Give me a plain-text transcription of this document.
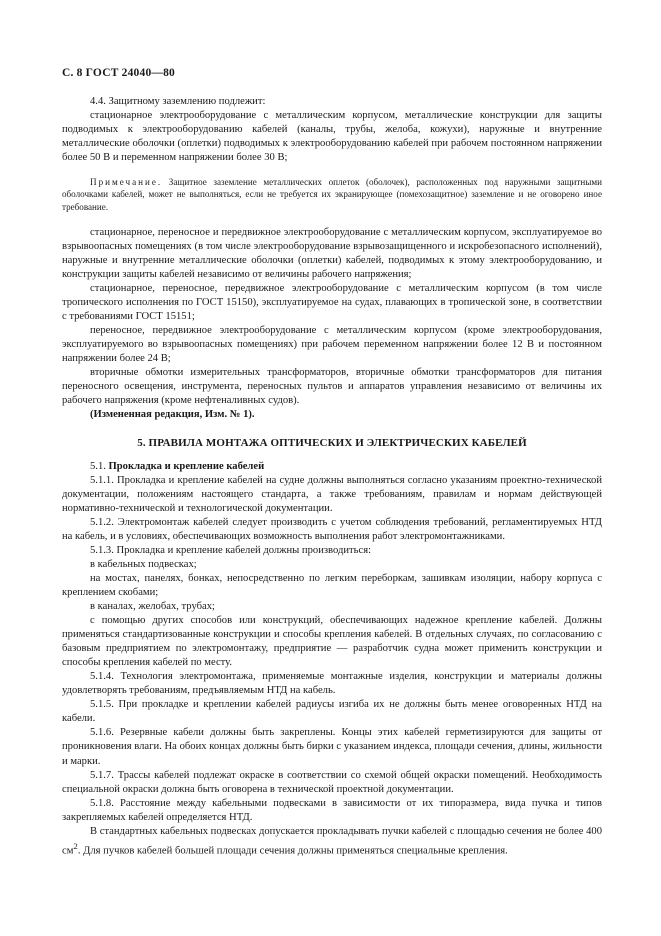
С. 8 ГОСТ 24040—80

4.4. Защитному заземлению подлежит:

стационарное электрооборудование с металлическим корпусом, металлические конструкции для защиты подводимых к электрооборудованию кабелей (каналы, трубы, желоба, кожухи), наружные и внутренние металлические оболочки (оплетки) подводимых к электрооборудованию кабелей при рабочем постоянном напряжении более 50 В и переменном напряжении более 30 В;

Примечание. Защитное заземление металлических оплеток (оболочек), расположенных под наружными защитными оболочками кабелей, может не выполняться, если не требуется их экранирующее (помехозащитное) заземление и не оговорено иное требование.

стационарное, переносное и передвижное электрооборудование с металлическим корпусом, эксплуатируемое во взрывоопасных помещениях (в том числе электрооборудование взрывозащищенного и искробезопасного исполнений), наружные и внутренние металлические оболочки (оплетки) кабелей, подводимых к этому электрооборудованию, и конструкции защиты кабелей независимо от величины рабочего напряжения;

стационарное, переносное, передвижное электрооборудование с металлическим корпусом (в том числе тропического исполнения по ГОСТ 15150), эксплуатируемое на судах, плавающих в тропической зоне, в соответствии с требованиями ГОСТ 15151;

переносное, передвижное электрооборудование с металлическим корпусом (кроме электрооборудования, эксплуатируемого во взрывоопасных помещениях) при рабочем переменном напряжении более 12 В и постоянном напряжении более 24 В;

вторичные обмотки измерительных трансформаторов, вторичные обмотки трансформаторов для питания переносного освещения, инструмента, переносных пультов и аппаратов управления независимо от величины их рабочего напряжения (кроме нефтеналивных судов).

(Измененная редакция, Изм. № 1).

5. ПРАВИЛА МОНТАЖА ОПТИЧЕСКИХ И ЭЛЕКТРИЧЕСКИХ КАБЕЛЕЙ

5.1. Прокладка и крепление кабелей

5.1.1. Прокладка и крепление кабелей на судне должны выполняться согласно указаниям проектно-технической документации, положениям настоящего стандарта, а также требованиям, правилам и нормам действующей нормативно-технической и технологической документации.

5.1.2. Электромонтаж кабелей следует производить с учетом соблюдения требований, регламентируемых НТД на кабель, и в условиях, обеспечивающих возможность выполнения работ электромонтажниками.

5.1.3. Прокладка и крепление кабелей должны производиться:

в кабельных подвесках;

на мостах, панелях, бонках, непосредственно по легким переборкам, зашивкам изоляции, набору корпуса с креплением скобами;

в каналах, желобах, трубах;

с помощью других способов или конструкций, обеспечивающих надежное крепление кабелей. Должны применяться стандартизованные конструкции и способы крепления кабелей. В отдельных случаях, по согласованию с базовым предприятием по электромонтажу, предприятие — разработчик судна может применить конструкции и способы крепления кабелей по месту.

5.1.4. Технология электромонтажа, применяемые монтажные изделия, конструкции и материалы должны удовлетворять требованиям, предъявляемым НТД на кабель.

5.1.5. При прокладке и креплении кабелей радиусы изгиба их не должны быть менее оговоренных НТД на кабели.

5.1.6. Резервные кабели должны быть закреплены. Концы этих кабелей герметизируются для защиты от проникновения влаги. На обоих концах должны быть бирки с указанием индекса, площади сечения, длины, жильности и марки.

5.1.7. Трассы кабелей подлежат окраске в соответствии со схемой общей окраски помещений. Необходимость специальной окраски должна быть оговорена в технической проектной документации.

5.1.8. Расстояние между кабельными подвесками в зависимости от их типоразмера, вида пучка и типов закрепляемых кабелей определяется НТД.

В стандартных кабельных подвесках допускается прокладывать пучки кабелей с площадью сечения не более 400 $см^2$. Для пучков кабелей большей площади сечения должны применяться специальные крепления.
